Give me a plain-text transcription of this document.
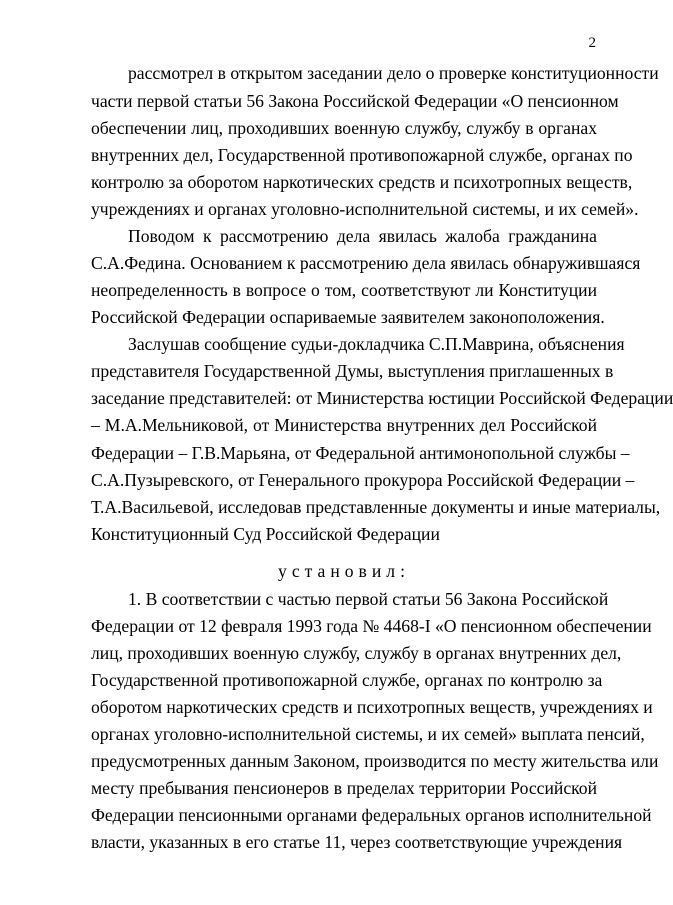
2
рассмотрел в открытом заседании дело о проверке конституционности
части первой статьи 56 Закона Российской Федерации «О пенсионном
обеспечении лиц, проходивших военную службу, службу в органах
внутренних дел, Государственной противопожарной службе, органах по
контролю за оборотом наркотических средств и психотропных веществ,
учреждениях и органах уголовно-исполнительной системы, и их семей».
Поводом к рассмотрению дела явилась жалоба гражданина
С.А.Федина. Основанием к рассмотрению дела явилась обнаружившаяся
неопределенность в вопросе о том, соответствуют ли Конституции
Российской Федерации оспариваемые заявителем законоположения.
Заслушав сообщение судьи-докладчика С.П.Маврина, объяснения
представителя Государственной Думы, выступления приглашенных в
заседание представителей: от Министерства юстиции Российской Федерации
– М.А.Мельниковой, от Министерства внутренних дел Российской
Федерации – Г.В.Марьяна, от Федеральной антимонопольной службы –
С.А.Пузыревского, от Генерального прокурора Российской Федерации –
Т.А.Васильевой, исследовав представленные документы и иные материалы,
Конституционный Суд Российской Федерации
установил:
1. В соответствии с частью первой статьи 56 Закона Российской
Федерации от 12 февраля 1993 года № 4468-I «О пенсионном обеспечении
лиц, проходивших военную службу, службу в органах внутренних дел,
Государственной противопожарной службе, органах по контролю за
оборотом наркотических средств и психотропных веществ, учреждениях и
органах уголовно-исполнительной системы, и их семей» выплата пенсий,
предусмотренных данным Законом, производится по месту жительства или
месту пребывания пенсионеров в пределах территории Российской
Федерации пенсионными органами федеральных органов исполнительной
власти, указанных в его статье 11, через соответствующие учреждения
